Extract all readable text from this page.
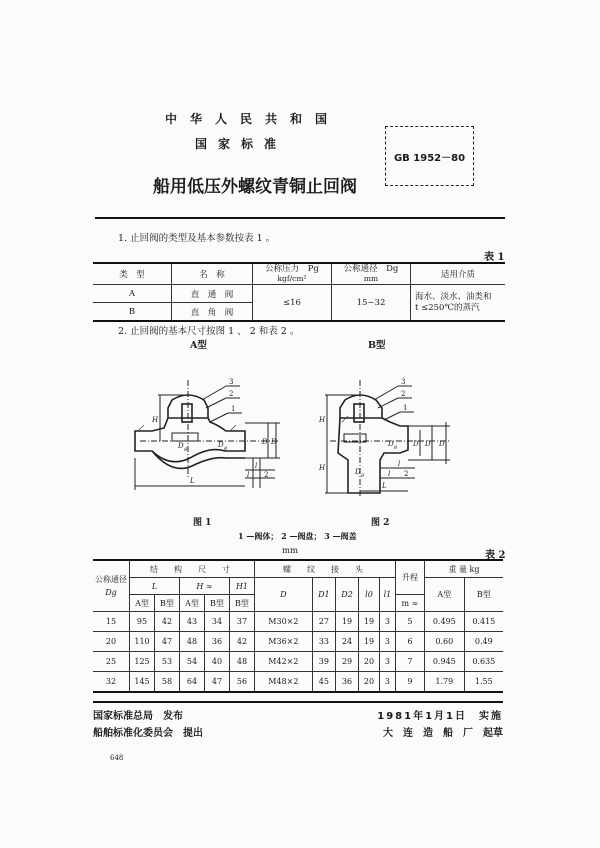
中华人民共和国
国家标准
船用低压外螺纹青铜止回阀
GB 1952－80
1. 止回阀的类型及基本参数按表 1 。
表 1
类　型	名　称	
公称压力　Pg
kgf/cm²

公称通径　Dg
mm	适用介质
A	直　通　阀	≤16	15~32	海水、淡水、油类和
t ≤250℃的蒸汽

B	直　角　阀			
2. 止回阀的基本尺寸按图 1 、 2 和表 2 。
A型	B型
D g	D g
3
2
1
H
D D
l
l 2
L
D g
D g
3
2
1
H
H
D D D
l
l 2
L
图 1	图 2
1 —阀体； 2 —阀盘； 3 —阀盖
mm	表 2
公称通径
Dg	结　构　尺　寸					螺　纹　接　头					升程	重 量 kg	
	L		H ≈		H1	D	D1	D2	l0	l1		A型	B型
	A型	B型	A型	B型	B型						m ≈		
15	95	42	43	34	37	M30×2	27	19	19	3	5	0.495	0.415
20	110	47	48	36	42	M36×2	33	24	19	3	6	0.60	0.49
25	125	53	54	40	48	M42×2	39	29	20	3	7	0.945	0.635
32	145	58	64	47	56	M48×2	45	36	20	3	9	1.79	1.55
国家标准总局　发布
船舶标准化委员会　提出
1981年1月1日　实施
大　连　造　船　厂　起草
648
